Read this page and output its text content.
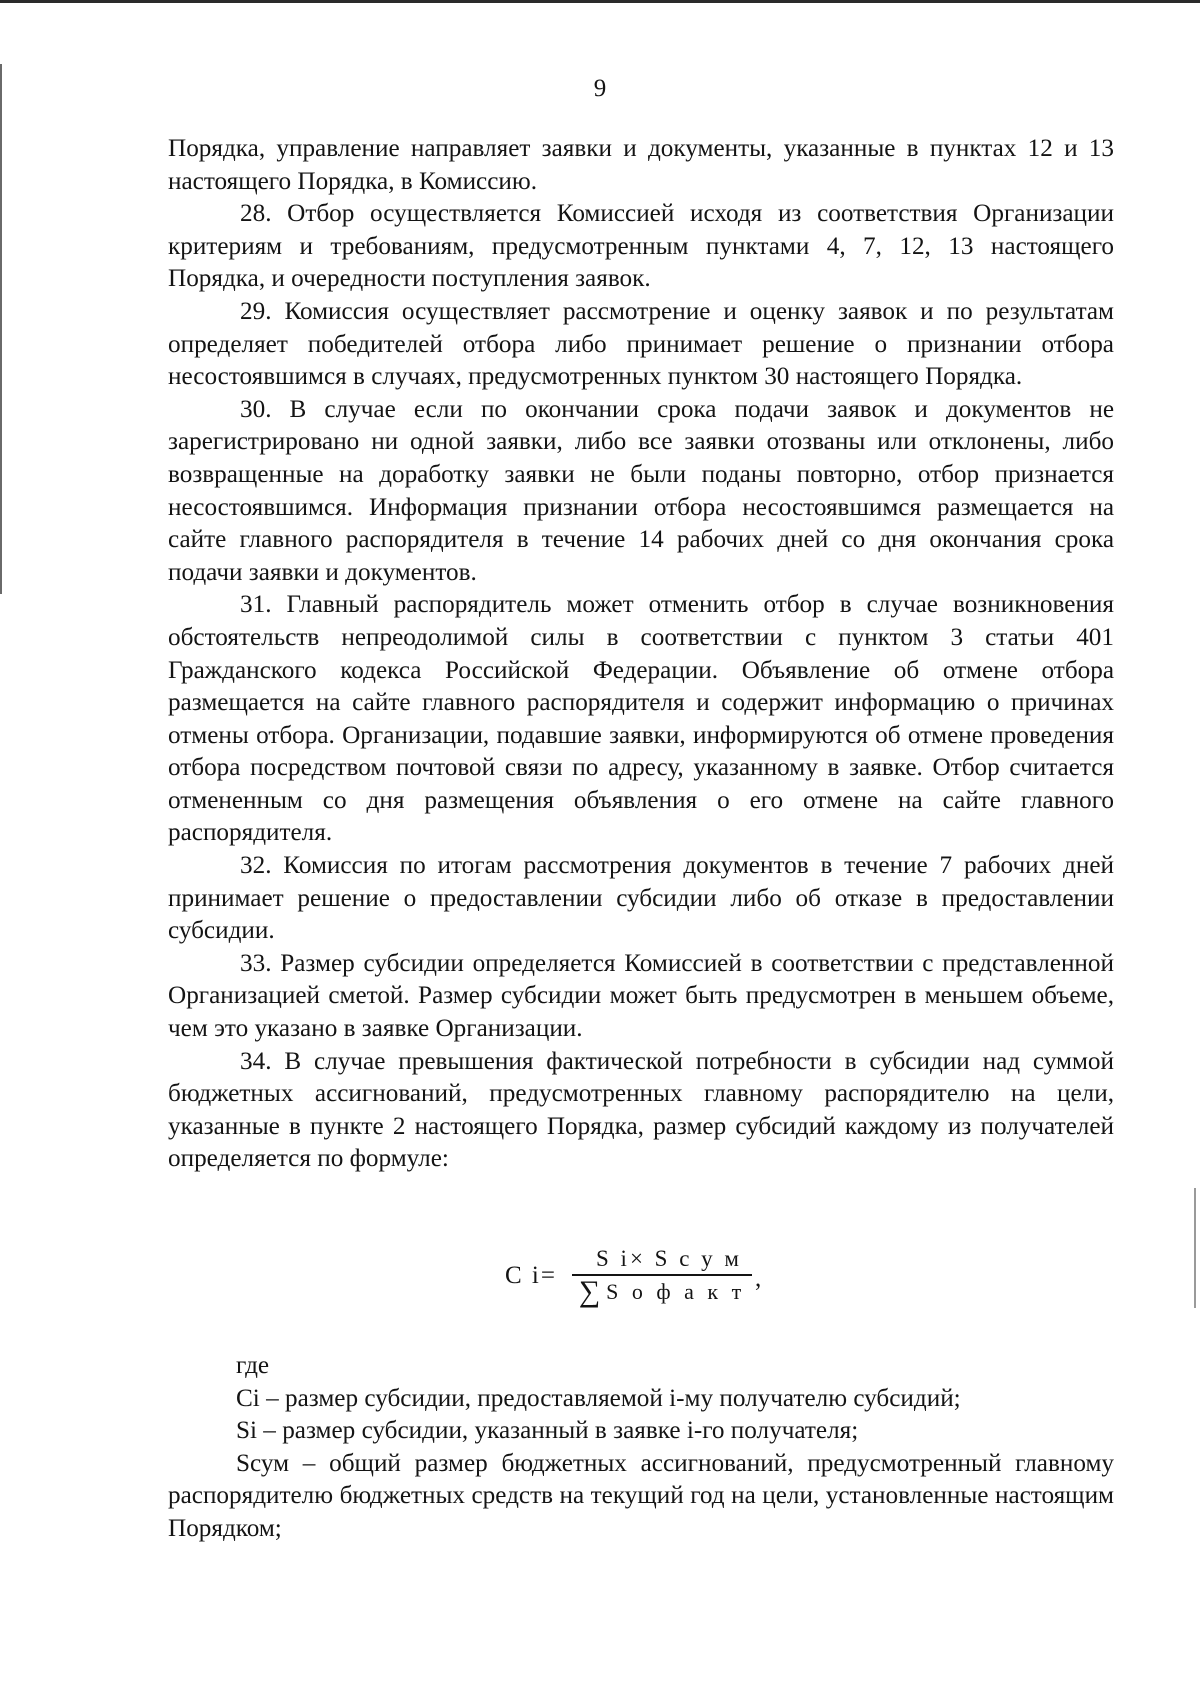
9

Порядка, управление направляет заявки и документы, указанные в пунктах 12 и 13 настоящего Порядка, в Комиссию.

28. Отбор осуществляется Комиссией исходя из соответствия Организации критериям и требованиям, предусмотренным пунктами 4, 7, 12, 13 настоящего Порядка, и очередности поступления заявок.

29. Комиссия осуществляет рассмотрение и оценку заявок и по результатам определяет победителей отбора либо принимает решение о признании отбора несостоявшимся в случаях, предусмотренных пунктом 30 настоящего Порядка.

30. В случае если по окончании срока подачи заявок и документов не зарегистрировано ни одной заявки, либо все заявки отозваны или отклонены, либо возвращенные на доработку заявки не были поданы повторно, отбор признается несостоявшимся. Информация признании отбора несостоявшимся размещается на сайте главного распорядителя в течение 14 рабочих дней со дня окончания срока подачи заявки и документов.

31. Главный распорядитель может отменить отбор в случае возникновения обстоятельств непреодолимой силы в соответствии с пунктом 3 статьи 401 Гражданского кодекса Российской Федерации. Объявление об отмене отбора размещается на сайте главного распорядителя и содержит информацию о причинах отмены отбора. Организации, подавшие заявки, информируются об отмене проведения отбора посредством почтовой связи по адресу, указанному в заявке. Отбор считается отмененным со дня размещения объявления о его отмене на сайте главного распорядителя.

32. Комиссия по итогам рассмотрения документов в течение 7 рабочих дней принимает решение о предоставлении субсидии либо об отказе в предоставлении субсидии.

33. Размер субсидии определяется Комиссией в соответствии с представленной Организацией сметой. Размер субсидии может быть предусмотрен в меньшем объеме, чем это указано в заявке Организации.

34. В случае превышения фактической потребности в субсидии над суммой бюджетных ассигнований, предусмотренных главному распорядителю на цели, указанные в пункте 2 настоящего Порядка, размер субсидий каждому из получателей определяется по формуле:

С i=
S i× S с у м
∑S о ф а к т ,

где

Сi – размер субсидии, предоставляемой i-му получателю субсидий;

Si – размер субсидии, указанный в заявке i-го получателя;

Sсум – общий размер бюджетных ассигнований, предусмотренный главному распорядителю бюджетных средств на текущий год на цели, установленные настоящим Порядком;
